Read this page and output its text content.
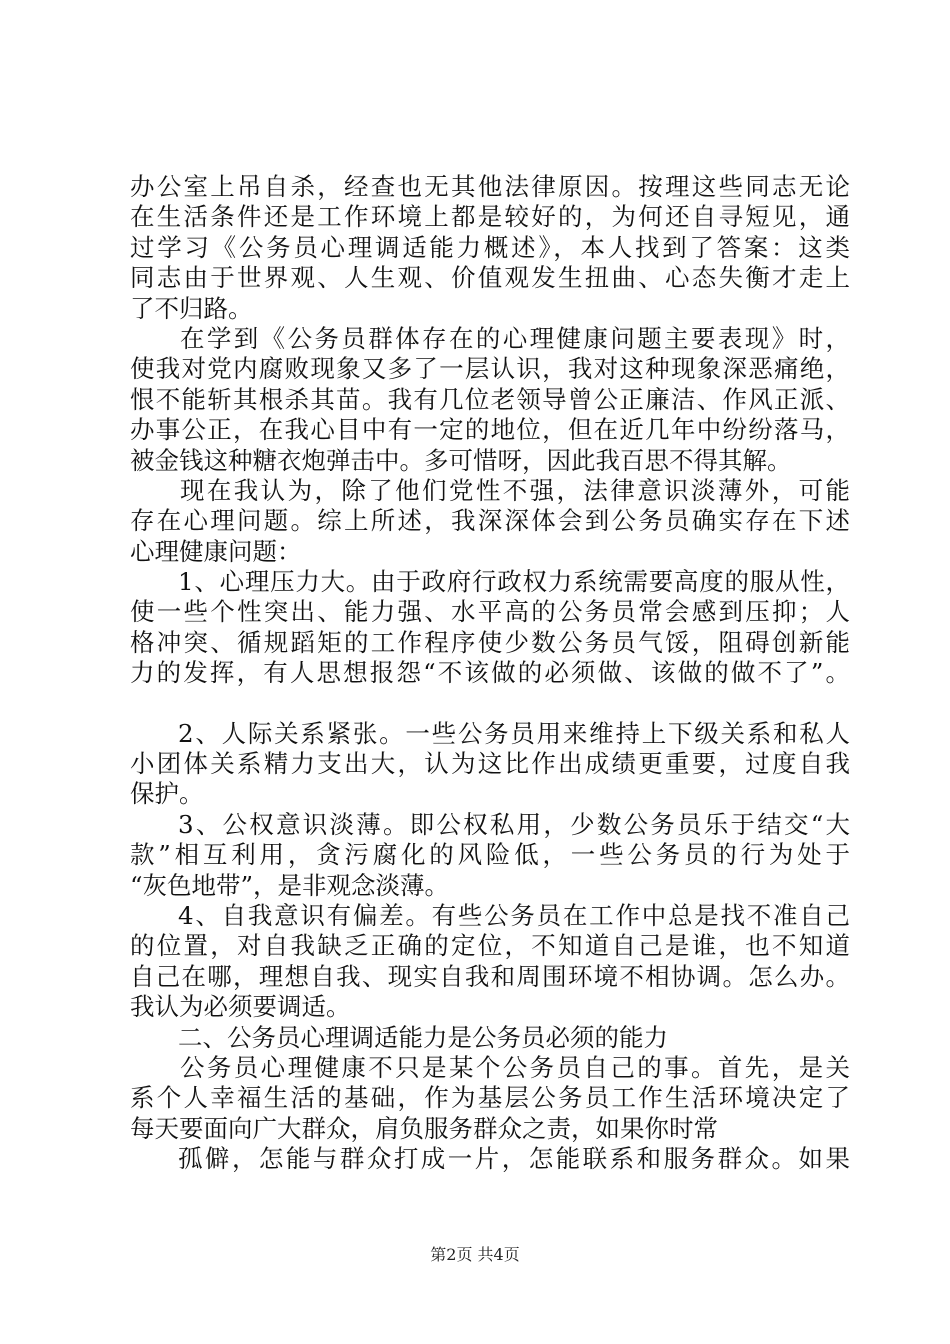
办公室上吊自杀，经查也无其他法律原因。按理这些同志无论
在生活条件还是工作环境上都是较好的，为何还自寻短见，通
过学习《公务员心理调适能力概述》，本人找到了答案：这类
同志由于世界观、人生观、价值观发生扭曲、心态失衡才走上
了不归路。
在学到《公务员群体存在的心理健康问题主要表现》时，
使我对党内腐败现象又多了一层认识，我对这种现象深恶痛绝，
恨不能斩其根杀其苗。我有几位老领导曾公正廉洁、作风正派、
办事公正，在我心目中有一定的地位，但在近几年中纷纷落马，
被金钱这种糖衣炮弹击中。多可惜呀，因此我百思不得其解。
现在我认为，除了他们党性不强，法律意识淡薄外，可能
存在心理问题。综上所述，我深深体会到公务员确实存在下述
心理健康问题：
1、心理压力大。由于政府行政权力系统需要高度的服从性，
使一些个性突出、能力强、水平高的公务员常会感到压抑；人
格冲突、循规蹈矩的工作程序使少数公务员气馁，阻碍创新能
力的发挥，有人思想报怨“不该做的必须做、该做的做不了”。
2、人际关系紧张。一些公务员用来维持上下级关系和私人
小团体关系精力支出大，认为这比作出成绩更重要，过度自我
保护。
3、公权意识淡薄。即公权私用，少数公务员乐于结交“大
款”相互利用，贪污腐化的风险低，一些公务员的行为处于
“灰色地带”，是非观念淡薄。
4、自我意识有偏差。有些公务员在工作中总是找不准自己
的位置，对自我缺乏正确的定位，不知道自己是谁，也不知道
自己在哪，理想自我、现实自我和周围环境不相协调。怎么办。
我认为必须要调适。
二、公务员心理调适能力是公务员必须的能力
公务员心理健康不只是某个公务员自己的事。首先，是关
系个人幸福生活的基础，作为基层公务员工作生活环境决定了
每天要面向广大群众，肩负服务群众之责，如果你时常
孤僻，怎能与群众打成一片，怎能联系和服务群众。如果
第2页 共4页
